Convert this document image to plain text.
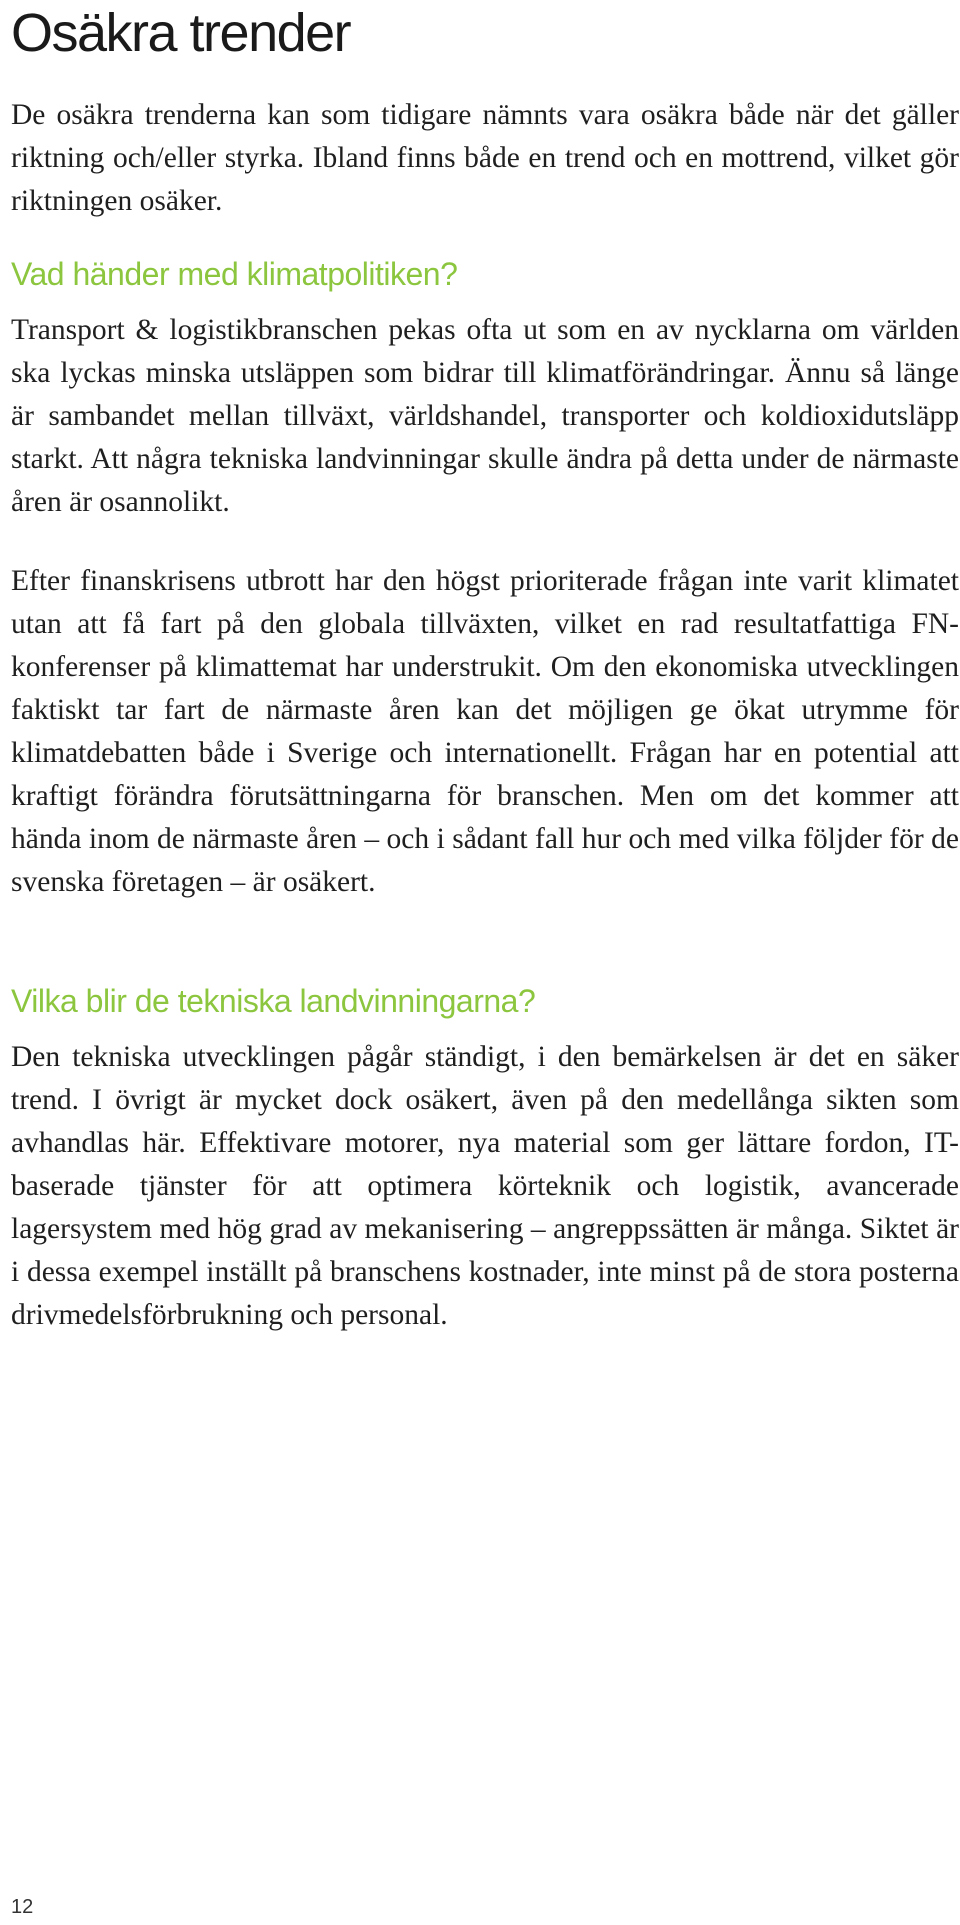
Osäkra trender

De osäkra trenderna kan som tidigare nämnts vara osäkra både när det gäller riktning och/eller styrka. Ibland finns både en trend och en mottrend, vilket gör riktningen osäker.

Vad händer med klimatpolitiken?

Transport & logistikbranschen pekas ofta ut som en av nycklarna om världen ska lyckas minska utsläppen som bidrar till klimatförändringar. Ännu så länge är sambandet mellan tillväxt, världshandel, transporter och koldioxidutsläpp starkt. Att några tekniska landvinningar skulle ändra på detta under de närmaste åren är osannolikt.

Efter finanskrisens utbrott har den högst prioriterade frågan inte varit klimatet utan att få fart på den globala tillväxten, vilket en rad resultatfattiga FN-konferenser på klimattemat har understrukit. Om den ekonomiska utvecklingen faktiskt tar fart de närmaste åren kan det möjligen ge ökat utrymme för klimatdebatten både i Sverige och internationellt. Frågan har en potential att kraftigt förändra förutsättningarna för branschen. Men om det kommer att hända inom de närmaste åren – och i sådant fall hur och med vilka följder för de svenska företagen – är osäkert.

Vilka blir de tekniska landvinningarna?

Den tekniska utvecklingen pågår ständigt, i den bemärkelsen är det en säker trend. I övrigt är mycket dock osäkert, även på den medellånga sikten som avhandlas här. Effektivare motorer, nya material som ger lättare fordon, IT-baserade tjänster för att optimera körteknik och logistik, avancerade lagersystem med hög grad av mekanisering – angreppssätten är många. Siktet är i dessa exempel inställt på branschens kostnader, inte minst på de stora posterna drivmedelsförbrukning och personal.

12
